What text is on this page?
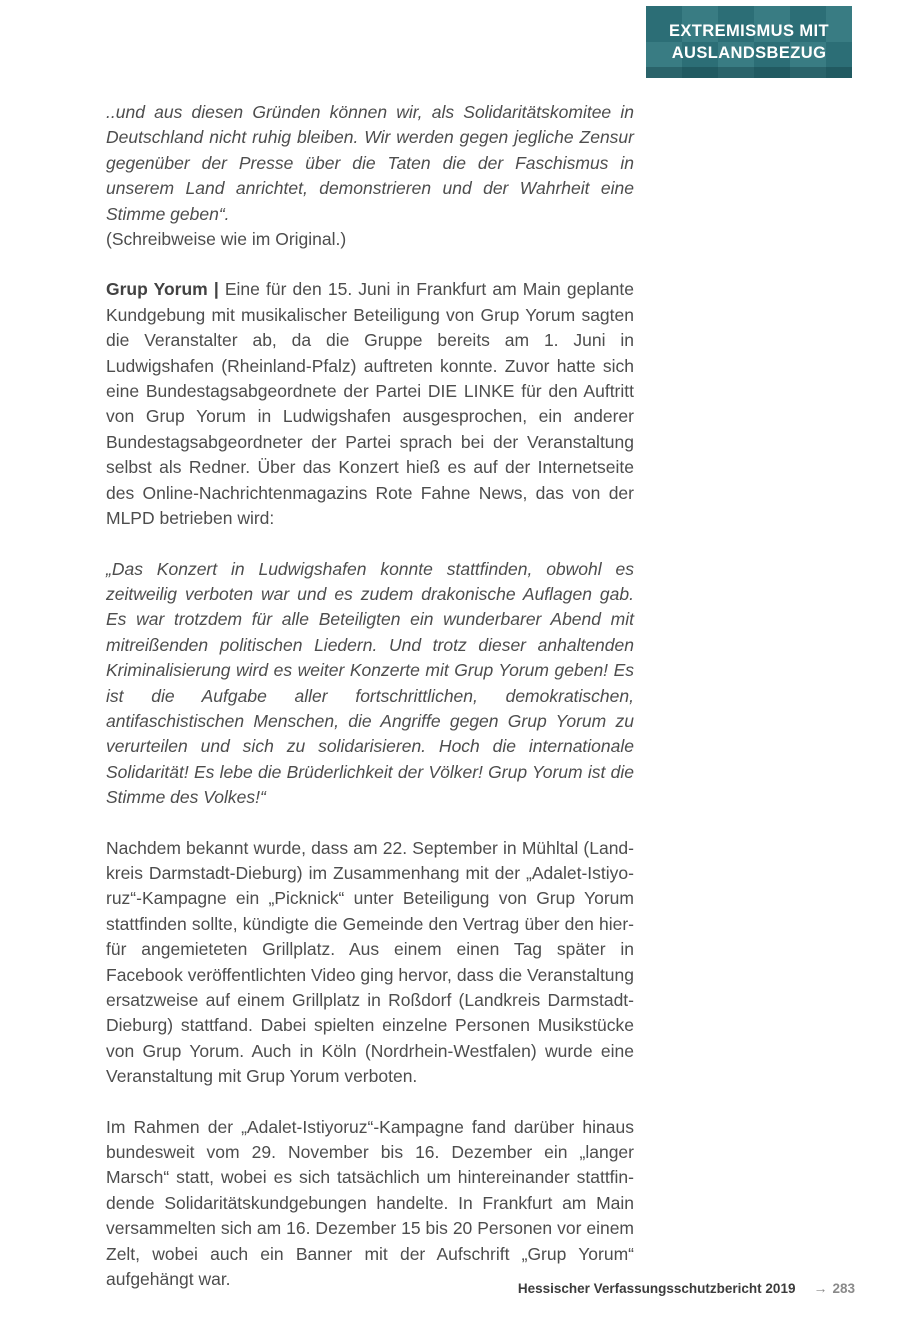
EXTREMISMUS MIT
AUSLANDSBEZUG

..und aus diesen Gründen können wir, als Solidaritätskomitee in Deutschland nicht ruhig bleiben. Wir werden gegen jegliche Zensur gegenüber der Presse über die Taten die der Faschismus in unserem Land anrichtet, demonstrieren und der Wahrheit eine Stimme geben“.
(Schreibweise wie im Original.)

Grup Yorum | Eine für den 15. Juni in Frankfurt am Main geplante Kundgebung mit musikalischer Beteiligung von Grup Yorum sagten die Veranstalter ab, da die Gruppe bereits am 1. Juni in Ludwigshafen (Rheinland-Pfalz) auftreten konnte. Zuvor hatte sich eine Bundestagsabgeordnete der Partei DIE LINKE für den Auftritt von Grup Yorum in Ludwigshafen ausgesprochen, ein anderer Bundestagsabgeordneter der Partei sprach bei der Veranstaltung selbst als Redner. Über das Konzert hieß es auf der Internetseite des Online-Nachrichtenmagazins Rote Fahne News, das von der MLPD betrieben wird:

„Das Konzert in Ludwigshafen konnte stattfinden, obwohl es zeitweilig verboten war und es zudem drakonische Auflagen gab. Es war trotzdem für alle Beteiligten ein wunderbarer Abend mit mitreißenden politischen Liedern. Und trotz dieser anhaltenden Kriminalisierung wird es weiter Konzerte mit Grup Yorum geben! Es ist die Aufgabe aller fortschrittlichen, demokratischen, antifaschistischen Menschen, die Angriffe gegen Grup Yorum zu verurteilen und sich zu solidarisieren. Hoch die internationale Solidarität! Es lebe die Brüderlichkeit der Völker! Grup Yorum ist die Stimme des Volkes!“

Nachdem bekannt wurde, dass am 22. September in Mühltal (Landkreis Darmstadt-Dieburg) im Zusammenhang mit der „Adalet-Istiyoruz“-Kampagne ein „Picknick“ unter Beteiligung von Grup Yorum stattfinden sollte, kündigte die Gemeinde den Vertrag über den hierfür angemieteten Grillplatz. Aus einem einen Tag später in Facebook veröffentlichten Video ging hervor, dass die Veranstaltung ersatzweise auf einem Grillplatz in Roßdorf (Landkreis Darmstadt-Dieburg) stattfand. Dabei spielten einzelne Personen Musikstücke von Grup Yorum. Auch in Köln (Nordrhein-Westfalen) wurde eine Veranstaltung mit Grup Yorum verboten.

Im Rahmen der „Adalet-Istiyoruz“-Kampagne fand darüber hinaus bundesweit vom 29. November bis 16. Dezember ein „langer Marsch“ statt, wobei es sich tatsächlich um hintereinander stattfindende Solidaritätskundgebungen handelte. In Frankfurt am Main versammelten sich am 16. Dezember 15 bis 20 Personen vor einem Zelt, wobei auch ein Banner mit der Aufschrift „Grup Yorum“ aufgehängt war.	Hessischer Verfassungsschutzbericht 2019 → 283
